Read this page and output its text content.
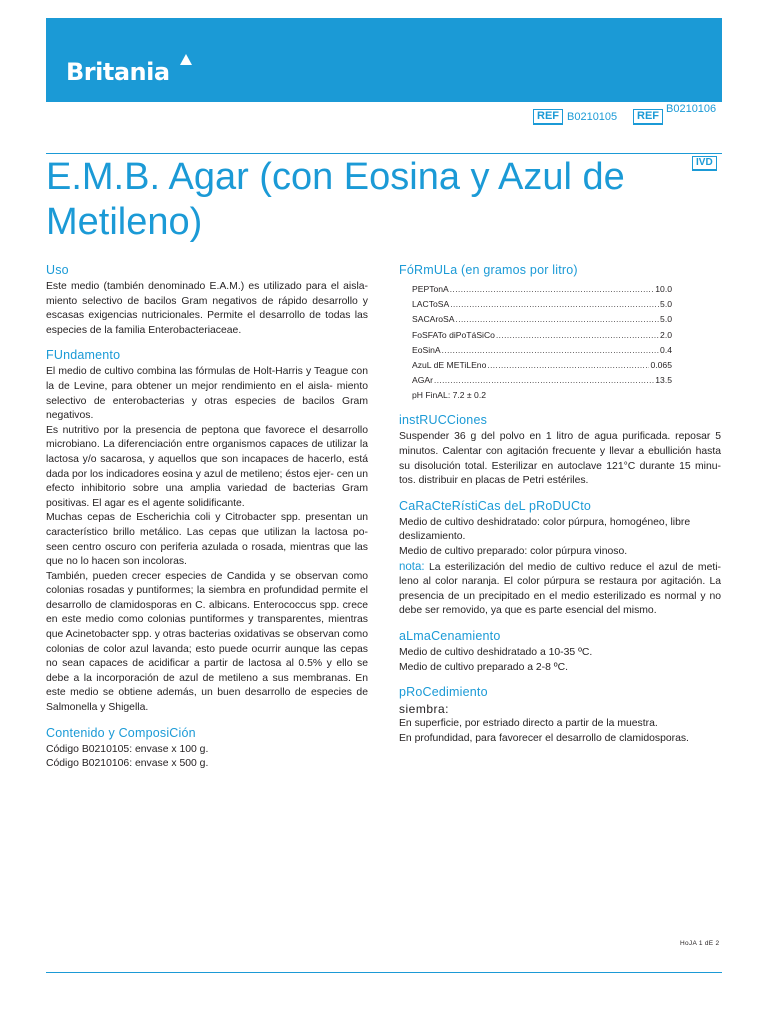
Britania
REF B0210105	REF
B0210106
IVD
E.M.B. Agar (con Eosina y Azul de Metileno)
Uso

Este medio (también denominado E.A.M.) es utilizado para el aisla-miento selectivo de bacilos Gram negativos de rápido desarrollo y escasas exigencias nutricionales. Permite el desarrollo de todas las especies de la familia Enterobacteriaceae.

FUndamento

El medio de cultivo combina las fórmulas de Holt-Harris y Teague con la de Levine, para obtener un mejor rendimiento en el aisla- miento selectivo de enterobacterias y otras especies de bacilos Gram negativos.

Es nutritivo por la presencia de peptona que favorece el desarrollo microbiano. La diferenciación entre organismos capaces de utilizar la lactosa y/o sacarosa, y aquellos que son incapaces de hacerlo, está dada por los indicadores eosina y azul de metileno; éstos ejer- cen un efecto inhibitorio sobre una amplia variedad de bacterias Gram positivas. El agar es el agente solidificante.

Muchas cepas de Escherichia coli y Citrobacter spp. presentan un característico brillo metálico. Las cepas que utilizan la lactosa po-seen centro oscuro con periferia azulada o rosada, mientras que las que no lo hacen son incoloras.

También, pueden crecer especies de Candida y se observan como colonias rosadas y puntiformes; la siembra en profundidad permite el desarrollo de clamidosporas en C. albicans. Enterococcus spp. crece en este medio como colonias puntiformes y transparentes, mientras que Acinetobacter spp. y otras bacterias oxidativas se observan como colonias de color azul lavanda; esto puede ocurrir aunque las cepas no sean capaces de acidificar a partir de lactosa al 0.5% y ello se debe a la incorporación de azul de metileno a sus membranas. En este medio se obtiene además, un buen desarrollo de especies de Salmonella y Shigella.

Contenido y ComposiCión

Código B0210105: envase x 100 g.

Código B0210106: envase x 500 g.

FóRmULa (en gramos por litro)
PEPTonA .....	10.0
LACToSA .....	5.0
SACAroSA .....	5.0
FoSFATo diPoTáSiCo .....	2.0
EoSinA .....	0.4
AzuL dE METiLEno .....	0.065
AGAr .....	13.5

pH FinAL: 7.2 ± 0.2

instRUCCiones

Suspender 36 g del polvo en 1 litro de agua purificada. reposar 5 minutos. Calentar con agitación frecuente y llevar a ebullición hasta su disolución total. Esterilizar en autoclave 121°C durante 15 minu-tos. distribuir en placas de Petri estériles.

CaRaCteRístiCas deL pRoDUCto

Medio de cultivo deshidratado: color púrpura, homogéneo, libre deslizamiento.

Medio de cultivo preparado: color púrpura vinoso.

nota: La esterilización del medio de cultivo reduce el azul de meti-leno al color naranja. El color púrpura se restaura por agitación. La presencia de un precipitado en el medio esterilizado es normal y no debe ser removido, ya que es parte esencial del mismo.

aLmaCenamiento

Medio de cultivo deshidratado a 10-35 ºC.

Medio de cultivo preparado a 2-8 ºC.

pRoCedimiento

siembra:

En superficie, por estriado directo a partir de la muestra.

En profundidad, para favorecer el desarrollo de clamidosporas.

HoJA 1 dE 2
